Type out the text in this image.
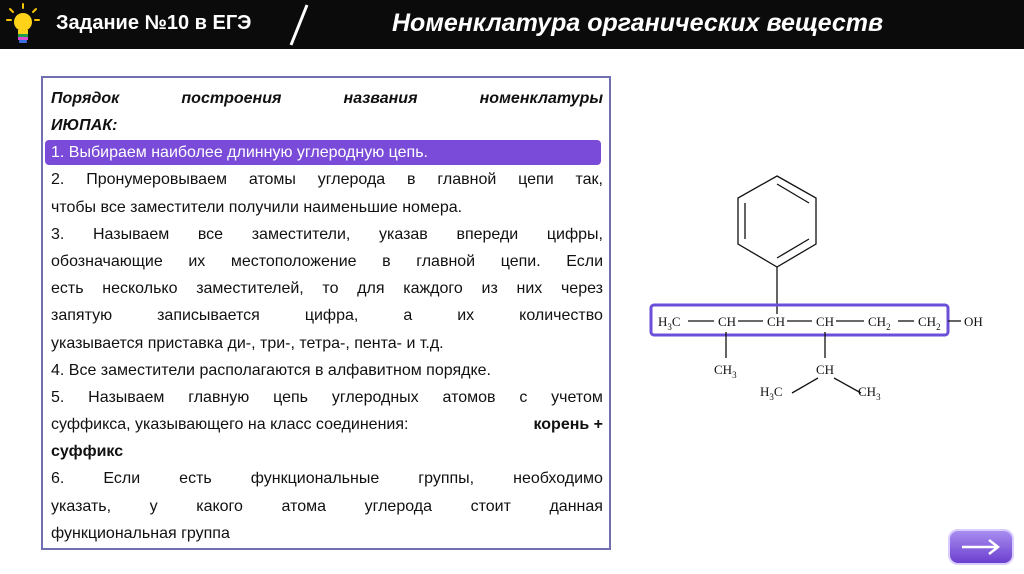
Задание №10 в ЕГЭ	Номенклатура органических веществ
Порядок	построения	названия	номенклатуры
ИЮПАК:
1. Выбираем наиболее длинную углеродную цепь.
2. Пронумеровываем атомы углерода в главной цепи так,
чтобы все заместители получили наименьшие номера.
3. Называем все заместители, указав впереди цифры,
обозначающие их местоположение в главной цепи. Если
есть несколько заместителей, то для каждого из них через
запятую	записывается	цифра,	а	их	количество
указывается приставка ди-, три-, тетра-, пента- и т.д.
4. Все заместители располагаются в алфавитном порядке.
5. Называем главную цепь углеродных атомов с учетом
суффикса, указывающего на класс соединения:	корень +
суффикс
6. Если есть функциональные группы, необходимо
указать, у какого атома углерода стоит данная
функциональная группа
$H_3C$	CH CH CH	$CH_2$ $CH_2$ OH
$CH_3$	CH
$H_3C$	$CH_3$
